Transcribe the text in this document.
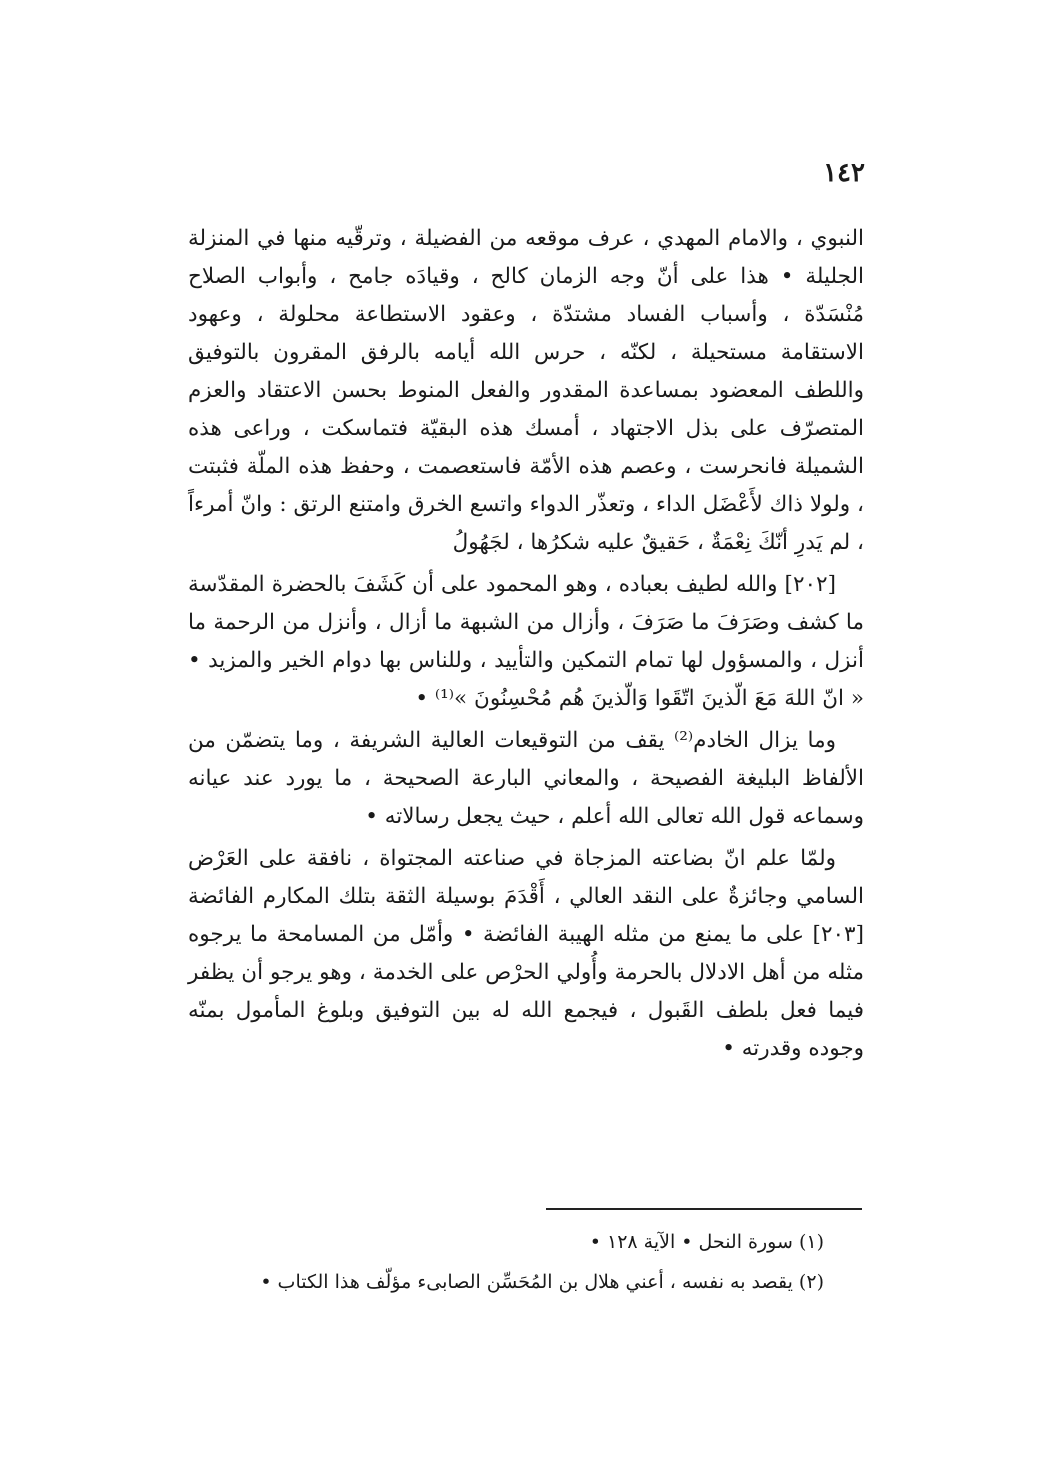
١٤٢

النبوي ، والامام المهدي ، عرف موقعه من الفضيلة ، وترقّيه منها في المنزلة الجليلة • هذا على أنّ وجه الزمان كالح ، وقيادَه جامح ، وأبواب الصلاح مُنْسَدّة ، وأسباب الفساد مشتدّة ، وعقود الاستطاعة محلولة ، وعهود الاستقامة مستحيلة ، لكنّه ، حرس الله أيامه بالرفق المقرون بالتوفيق واللطف المعضود بمساعدة المقدور والفعل المنوط بحسن الاعتقاد والعزم المتصرّف على بذل الاجتهاد ، أمسك هذه البقيّة فتماسكت ، وراعى هذه الشميلة فانحرست ، وعصم هذه الأمّة فاستعصمت ، وحفظ هذه الملّة فثبتت ، ولولا ذاك لأَعْضَل الداء ، وتعذّر الدواء واتسع الخرق وامتنع الرتق : وانّ أمرءاً ، لم يَدرِ أنّكَ نِعْمَةٌ ، حَقيقٌ عليه شكرُها ، لجَهُولُ

[٢٠٢] والله لطيف بعباده ، وهو المحمود على أن كَشَفَ بالحضرة المقدّسة ما كشف وصَرَفَ ما صَرَفَ ، وأزال من الشبهة ما أزال ، وأنزل من الرحمة ما أنزل ، والمسؤول لها تمام التمكين والتأييد ، وللناس بها دوام الخير والمزيد • « انّ اللهَ مَعَ الّذينَ اتّقَوا وَالّذينَ هُم مُحْسِنُونَ »⁽¹⁾ •

وما يزال الخادم⁽²⁾ يقف من التوقيعات العالية الشريفة ، وما يتضمّن من الألفاظ البليغة الفصيحة ، والمعاني البارعة الصحيحة ، ما يورد عند عيانه وسماعه قول الله تعالى الله أعلم ، حيث يجعل رسالاته •

ولمّا علم انّ بضاعته المزجاة في صناعته المجتواة ، نافقة على العَرْض السامي وجائزةٌ على النقد العالي ، أَقْدَمَ بوسيلة الثقة بتلك المكارم الفائضة [٢٠٣] على ما يمنع من مثله الهيبة الفائضة • وأمّل من المسامحة ما يرجوه مثله من أهل الادلال بالحرمة وأُولي الحرْص على الخدمة ، وهو يرجو أن يظفر فيما فعل بلطف القَبول ، فيجمع الله له بين التوفيق وبلوغ المأمول بمنّه وجوده وقدرته •

(١) سورة النحل • الآية ١٢٨ •

(٢) يقصد به نفسه ، أعني هلال بن المُحَسِّن الصابىء مؤلّف هذا الكتاب •
